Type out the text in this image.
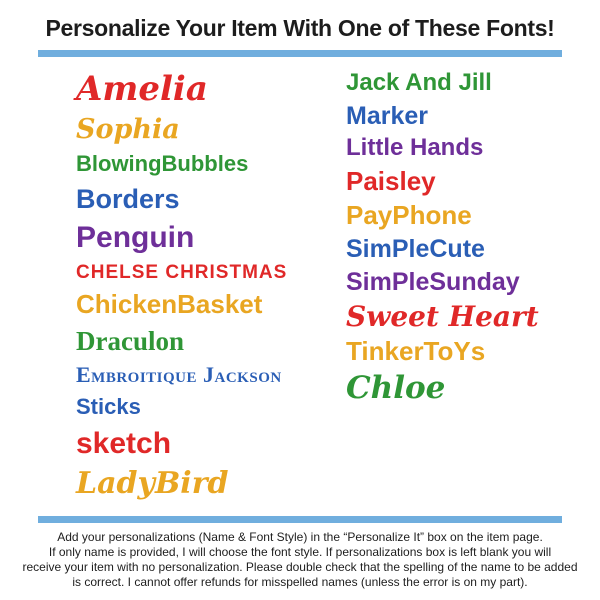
Personalize Your Item With One of These Fonts!
Amelia
Sophia
BlowingBubbles
Borders
Penguin
CHELSE CHRISTMAS
ChickenBasket
Draculon
Embroitique Jackson
Sticks
sketch
LadyBird
Jack And Jill
Marker
Little Hands
Paisley
PayPhone
SimPleCute
SimPleSunday
Sweet Heart
TinkerToYs
Chloe
Add your personalizations (Name & Font Style) in the “Personalize It” box on the item page.
If only name is provided, I will choose the font style. If personalizations box is left blank you will
receive your item with no personalization. Please double check that the spelling of the name to be added
is correct. I cannot offer refunds for misspelled names (unless the error is on my part).
